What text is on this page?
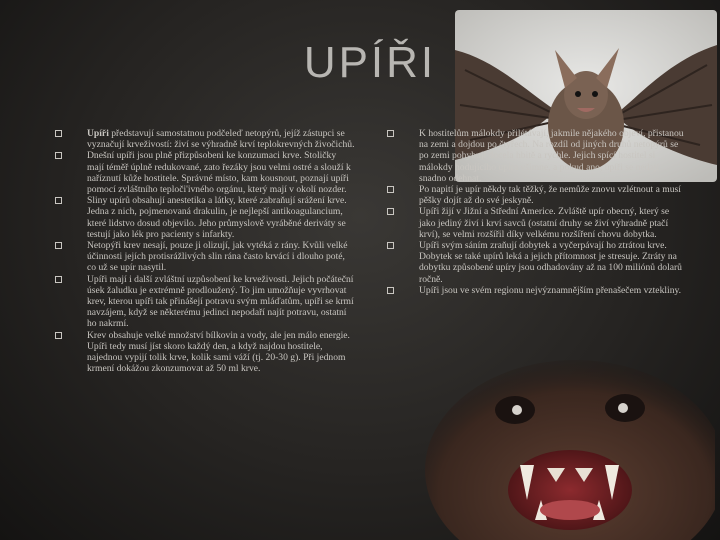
UPÍŘI
Upíři představují samostatnou podčeleď netopýrů, jejíž zástupci se vyznačují krveživostí: živí se výhradně krví teplokrevných živočichů.
Dnešní upíři jsou plně přizpůsobeni ke konzumaci krve. Stoličky mají téměř úplně redukované, zato řezáky jsou velmi ostré a slouží k naříznutí kůže hostitele. Správné místo, kam kousnout, poznají upíři pomocí zvláštního teploči'ivného orgánu, který mají v okolí nozder.
Sliny upírů obsahují anestetika a látky, které zabraňují srážení krve. Jedna z nich, pojmenovaná drakulin, je nejlepší antikoagulancium, které lidstvo dosud objevilo. Jeho průmyslově vyráběné deriváty se testují jako lék pro pacienty s infarkty.
Netopýři krev nesají, pouze ji olizují, jak vytéká z rány. Kvůli velké účinnosti jejích protisrážlivých slin rána často krvácí i dlouho poté, co už se upír nasytil.
Upíři mají i další zvláštní uzpůsobení ke krveživosti. Jejich počáteční úsek žaludku je extrémně prodloužený. To jim umožňuje vyvrhovat krev, kterou upíři tak přinášejí potravu svým mláďatům, upíři se krmí navzájem, když se některému jedinci nepodaří najít potravu, ostatní ho nakrmí.
Krev obsahuje velké množství bílkovin a vody, ale jen málo energie. Upíři tedy musí jíst skoro každý den, a když najdou hostitele, najednou vypijí tolik krve, kolik sami váží (tj. 20-30 g). Při jednom krmení dokážou zkonzumovat až 50 ml krve.
K hostitelům málokdy přilétávají, jakmile nějakého objeví, přistanou na zemi a dojdou po čtyřech. Na rozdíl od jiných druhů netopýrů se po zemi pohybují docela hbitě a rychle. Jejich spící hostitel si málokdy hodujícího upíra všimne, a pokud ano, upíři se nedají snadno odehnat.
Po napití je upír někdy tak těžký, že nemůže znovu vzlétnout a musí pěšky dojít až do své jeskyně.
Upíři žijí v Jižní a Střední Americe. Zvláště upír obecný, který se jako jediný živí i krví savců (ostatní druhy se živí výhradně ptačí krví), se velmi rozšířil díky velkému rozšíření chovu dobytka.
Upíři svým sáním zraňují dobytek a vyčerpávají ho ztrátou krve. Dobytek se také upírů leká a jejich přítomnost je stresuje. Ztráty na dobytku způsobené upíry jsou odhadovány až na 100 miliónů dolarů ročně.
Upíři jsou ve svém regionu nejvýznamnějším přenašečem vztekliny.
